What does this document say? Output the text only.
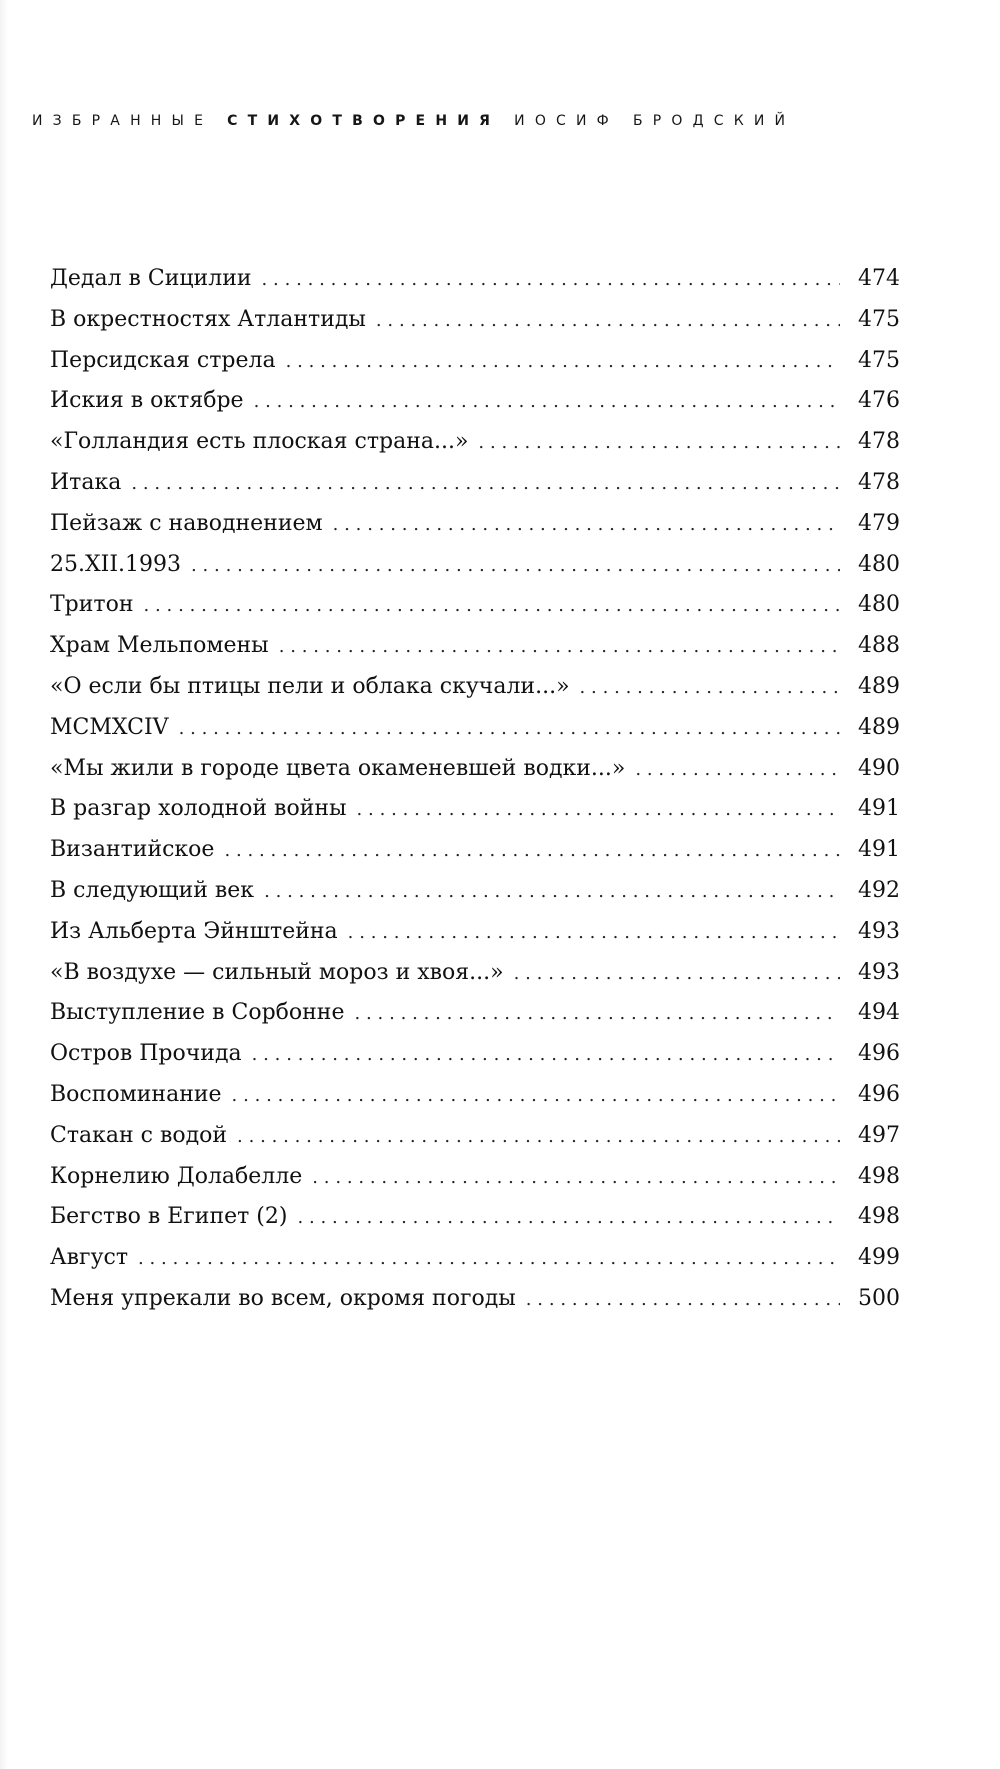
ИЗБРАННЫЕ СТИХОТВОРЕНИЯ ИОСИФ БРОДСКИЙ
Дедал в Сицилии .....	474
В окрестностях Атлантиды .....	475
Персидская стрела .....	475
Иския в октябре .....	476
«Голландия есть плоская страна...» .....	478
Итака .....	478
Пейзаж с наводнением .....	479
25.XII.1993 .....	480
Тритон .....	480
Храм Мельпомены .....	488
«О если бы птицы пели и облака скучали...» .....	489
MCMXCIV .....	489
«Мы жили в городе цвета окаменевшей водки...» .....	490
В разгар холодной войны .....	491
Византийское .....	491
В следующий век .....	492
Из Альберта Эйнштейна .....	493
«В воздухе — сильный мороз и хвоя...» .....	493
Выступление в Сорбонне .....	494
Остров Прочида .....	496
Воспоминание .....	496
Стакан с водой .....	497
Корнелию Долабелле .....	498
Бегство в Египет (2) .....	498
Август .....	499
Меня упрекали во всем, окромя погоды .....	500
